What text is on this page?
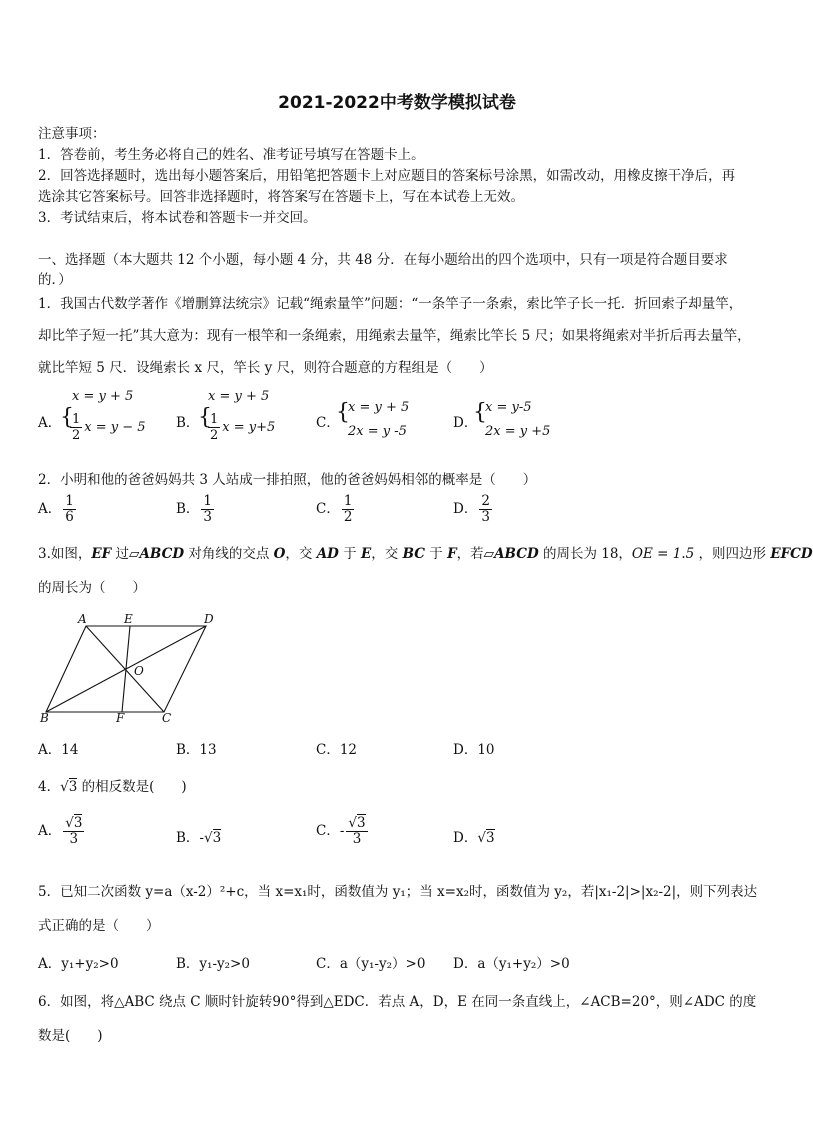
2021-2022中考数学模拟试卷
注意事项：
1．答卷前，考生务必将自己的姓名、准考证号填写在答题卡上。
2．回答选择题时，选出每小题答案后，用铅笔把答题卡上对应题目的答案标号涂黑，如需改动，用橡皮擦干净后，再
选涂其它答案标号。回答非选择题时，将答案写在答题卡上，写在本试卷上无效。
3．考试结束后，将本试卷和答题卡一并交回。
一、选择题（本大题共 12 个小题，每小题 4 分，共 48 分．在每小题给出的四个选项中，只有一项是符合题目要求
的．）
1．我国古代数学著作《增删算法统宗》记载“绳索量竿”问题：“一条竿子一条索，索比竿子长一托．折回索子却量竿，
却比竿子短一托”其大意为：现有一根竿和一条绳索，用绳索去量竿，绳索比竿长 5 尺；如果将绳索对半折后再去量竿，
就比竿短 5 尺．设绳索长 x 尺，竿长 y 尺，则符合题意的方程组是（　　）
A．
x = y + 5
{
$\frac{1}{2}$ x = y − 5 B．
x = y + 5
{
$\frac{1}{2}$ x = y+5	C．
{
x = y + 5
2x = y -5
D．
{
x = y-5
2x = y +5
2．小明和他的爸爸妈妈共 3 人站成一排拍照，他的爸爸妈妈相邻的概率是（　　）
A． $\frac{1}{6}$	B． $\frac{1}{3}$	C． $\frac{1}{2}$	D． $\frac{2}{3}$
3.如图，EF 过▱ABCD 对角线的交点 O，交 AD 于 E，交 BC 于 F，若▱ABCD 的周长为 18，OE = 1.5 ，则四边形 EFCD
的周长为（　　）
A	E	D
O
B	F	C
A．14	B．13	C．12	D．10
4．√3 的相反数是(　　)
A． $\frac{√3}{3}$	B．-√3	C．- $\frac{√3}{3}$	D．√3
5．已知二次函数 y=a（x-2）²+c，当 x=x₁时，函数值为 y₁；当 x=x₂时，函数值为 y₂，若|x₁-2|>|x₂-2|，则下列表达
式正确的是（　　）
A．y₁+y₂>0	B．y₁-y₂>0	C．a（y₁-y₂）>0 D．a（y₁+y₂）>0
6．如图，将△ABC 绕点 C 顺时针旋转90°得到△EDC．若点 A，D，E 在同一条直线上，∠ACB=20°，则∠ADC 的度
数是(　　)
